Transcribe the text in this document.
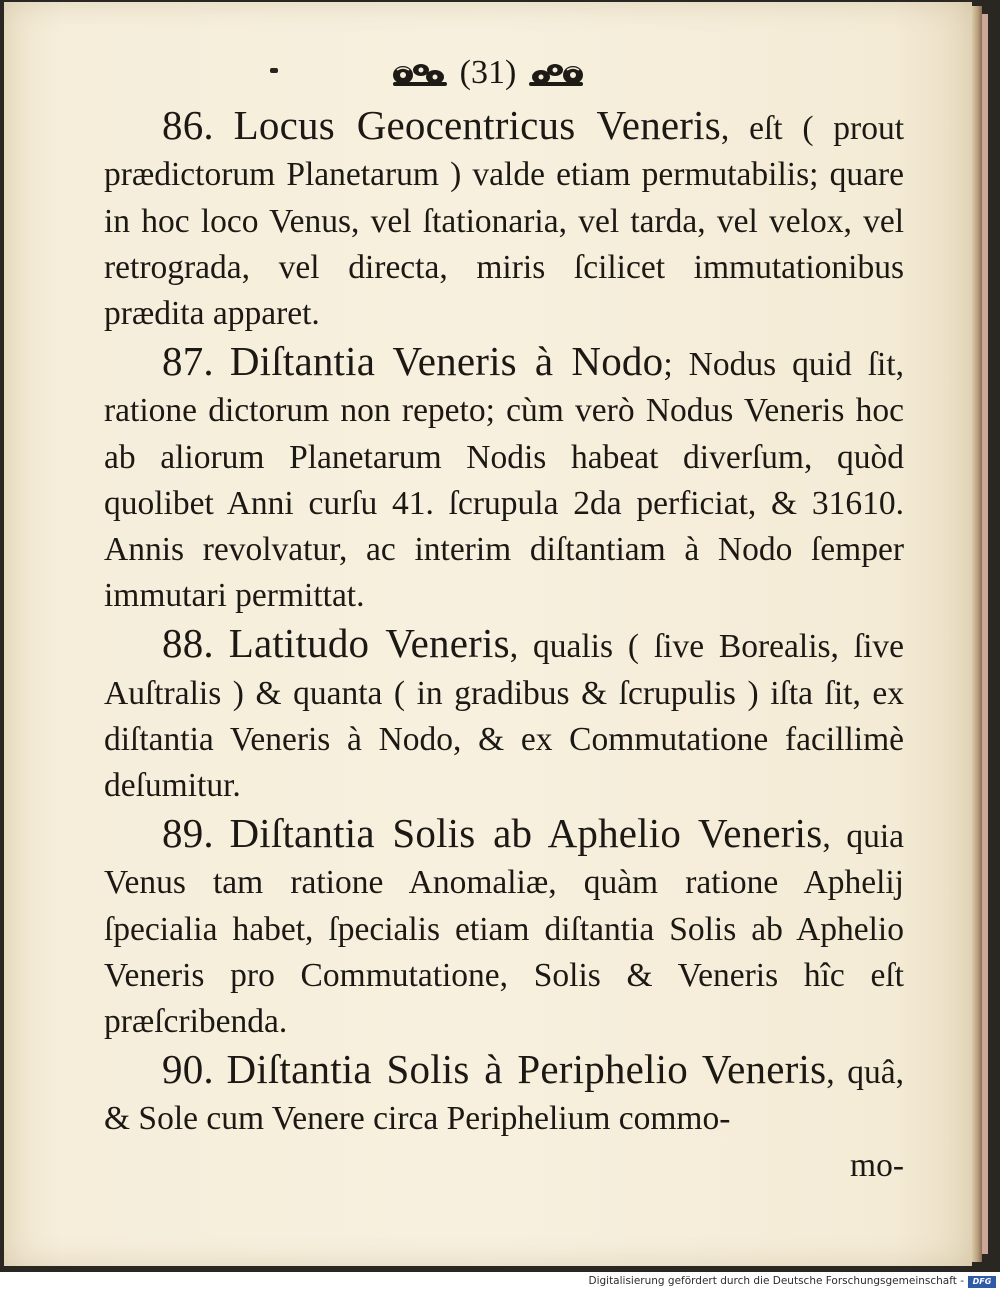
(31)

86. Locus Geocentricus Veneris, eſt ( prout prædictorum Planetarum ) valde etiam permutabilis; quare in hoc loco Venus, vel ſtationaria, vel tarda, vel velox, vel retrograda, vel directa, miris ſcilicet immutationibus prædita apparet.

87. Diſtantia Veneris à Nodo; Nodus quid ſit, ratione dictorum non repeto; cùm verò Nodus Veneris hoc ab aliorum Planetarum Nodis habeat diverſum, quòd quolibet Anni curſu 41. ſcrupula 2da perficiat, & 31610. Annis revolvatur, ac interim diſtantiam à Nodo ſemper immutari permittat.

88. Latitudo Veneris, qualis ( ſive Borealis, ſive Auſtralis ) & quanta ( in gradibus & ſcrupulis ) iſta ſit, ex diſtantia Veneris à Nodo, & ex Commutatione facillimè deſumitur.

89. Diſtantia Solis ab Aphelio Veneris, quia Venus tam ratione Anomaliæ, quàm ratione Aphelij ſpecialia habet, ſpecialis etiam diſtantia Solis ab Aphelio Veneris pro Commutatione, Solis & Veneris hîc eſt præſcribenda.

90. Diſtantia Solis à Periphelio Veneris, quâ, & Sole cum Venere circa Periphelium commo-

mo-

Digitalisierung gefördert durch die Deutsche Forschungsgemeinschaft -	DFG
